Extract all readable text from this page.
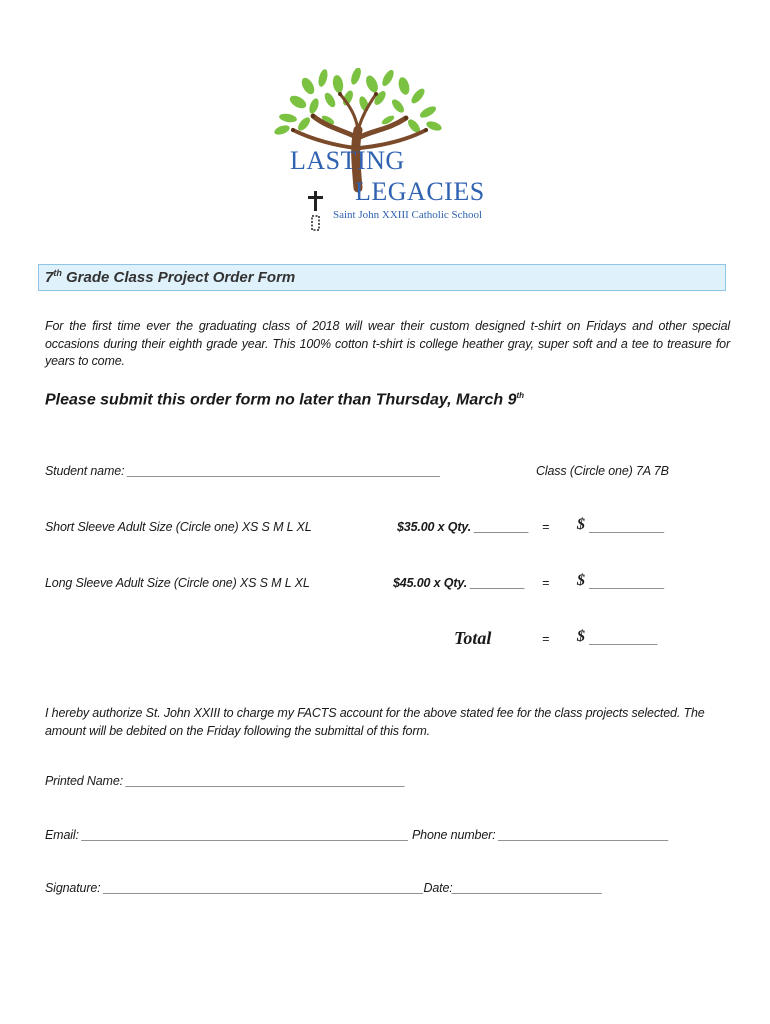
LASTING
LEGACIES
Saint John XXIII Catholic School
7th Grade Class Project Order Form
For the first time ever the graduating class of 2018 will wear their custom designed t-shirt on Fridays and other special occasions during their eighth grade year. This 100% cotton t-shirt is college heather gray, super soft and a tee to treasure for years to come.
Please submit this order form no later than Thursday, March 9th
Student name: ______________________________________________	Class (Circle one) 7A 7B
Short Sleeve Adult Size (Circle one) XS S M L XL	$35.00 x Qty. ________ = $ ___________
Long Sleeve Adult Size (Circle one) XS S M L XL	$45.00 x Qty. ________ = $ ___________
Total	= $ __________
I hereby authorize St. John XXIII to charge my FACTS account for the above stated fee for the class projects selected. The amount will be debited on the Friday following the submittal of this form.
Printed Name: _________________________________________
Email: ________________________________________________ Phone number: _________________________
Signature: _______________________________________________Date:______________________
